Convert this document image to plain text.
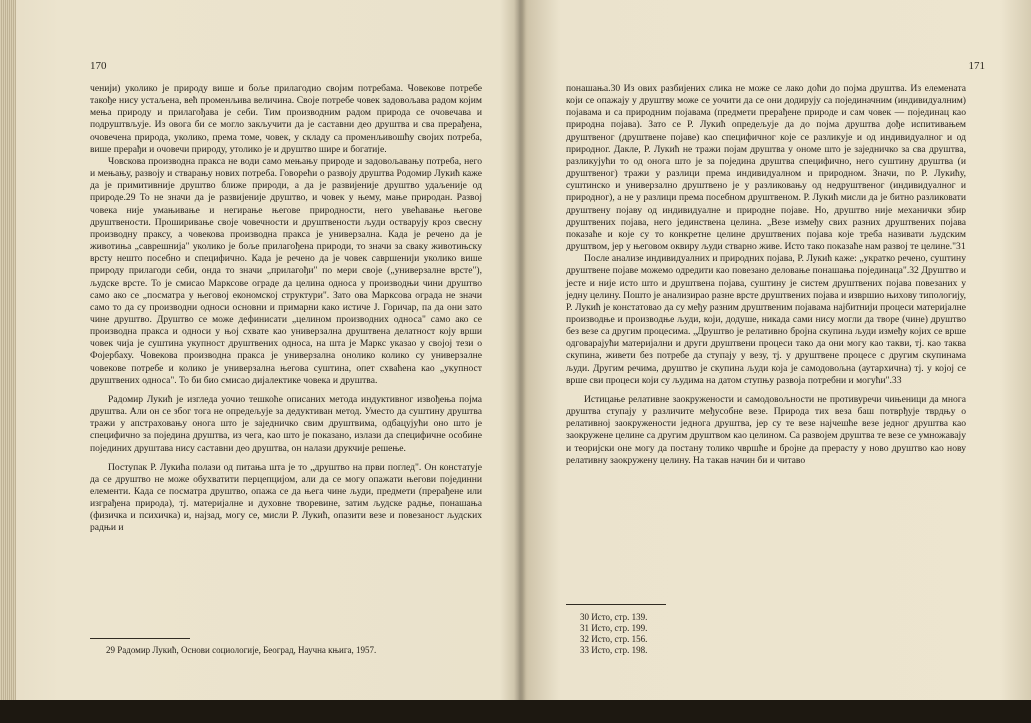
170

ченији) уколико је природу више и боље прилагодио својим потребама. Човекове потребе такође нису устаљена, већ променљива величина. Своје потребе човек задовољава радом којим мења природу и прилагођава је себи. Тим производним радом природа се очовечава и подруштвљује. Из овога би се могло закључити да је саставни део друштва и сва прерађена, очовечена природа, уколико, према томе, човек, у складу са променљивошћу својих потреба, више прерађи и очовечи природу, утолико је и друштво шире и богатије.

Човскова производна пракса не води само мењању природе и задовољавању потреба, него и мењању, развоју и стварању нових потреба. Говорећи о развоју друштва Родомир Лукић каже да је примитивније друштво ближе природи, а да је развијеније друштво удаљеније од природе.29 То не значи да је развијеније друштво, и човек у њему, мање природан. Развој човека није умањивање и негирање његове природности, него увећавање његове друштвености. Проширивање своје човечности и друштвености људи остварују кроз свесну производну праксу, а човекова производна пракса је универзална. Када је речено да је животиња „саврешнија" уколико је боље прилагођена природи, то значи за сваку животињску врсту нешто посебно и специфично. Када је речено да је човек савршенији уколико више природу прилагоди себи, онда то значи „прилагођи" по мери своје („универзалне врсте"), људске врсте. То је смисао Марксове ограде да целина односа у производњи чини друштво само ако се „посматра у његовој економској структури". Зато ова Марксова ограда не значи само то да су производни односи основни и примарни како истиче Ј. Горичар, па да они зато чине друштво. Друштво се може дефинисати „целином производних односа" само ако се производна пракса и односи у њој схвате као универзална друштвена делатност коју врши човек чија је суштина укупност друштвених односа, на шта је Маркс указао у својој тези о Фојербаху. Човекова производна пракса је универзална онолико колико су универзалне човекове потребе и колико је универзална његова суштина, опет схваћена као „укупност друштвених односа". То би био смисао дијалектике човека и друштва.

Радомир Лукић је изгледа уочио тешкоће описаних метода индуктивног извођења појма друштва. Али он се због тога не опредељује за дедуктиван метод. Уместо да суштину друштва тражи у апстраховању онога што је заједничко свим друштвима, одбацујући оно што је специфично за поједина друштва, из чега, као што је показано, излази да специфичне особине појединих друштава нису саставни део друштва, он налази друкчије решење.

Поступак Р. Лукића полази од питања шта је то „друштво на први поглед". Он констатује да се друштво не може обухватити перцепцијом, али да се могу опажати његови појединни елементи. Када се посматра друштво, опажа се да њега чине људи, предмети (прерађене или изграђена природа), тј. материјалне и духовне творевине, затим људске радње, понашања (физичка и психичка) и, најзад, могу се, мисли Р. Лукић, опазити везе и повезаност људских радњи и

29 Радомир Лукић, Основи социологије, Београд, Научна књига, 1957.
171

понашања.30 Из ових разбијених слика не може се лако доћи до појма друштва. Из елемената који се опажају у друштву може се уочити да се они додирују са појединачним (индивидуалним) појавама и са природним појавама (предмети прерађене природе и сам човек — појединац као природна појава). Зато се Р. Лукић опредељује да до појма друштва дође испитивањем друштвеног (друштвене појаве) као специфичног које се разликује и од индивидуалног и од природног. Дакле, Р. Лукић не тражи појам друштва у ономе што је заједничко за сва друштва, разликујући то од онога што је за поједина друштва специфично, него суштину друштва (и друштвеног) тражи у разлици према индивидуалном и природном. Значи, по Р. Лукићу, суштинско и универзално друштвено је у разликовању од недруштвеног (индивидуалног и природног), а не у разлици према посебном друштвеном. Р. Лукић мисли да је битно разликовати друштвену појаву од индивидуалне и природне појаве. Но, друштво није механички збир друштвених појава, него јединствена целина. „Везе између свих разних друштвених појава показаће и које су то конкретне целине друштвених појава које треба називати људским друштвом, јер у његовом оквиру људи стварно живе. Исто тако показаће нам развој те целине."31

После анализе индивидуалних и природних појава, Р. Лукић каже: „укратко речено, суштину друштвене појаве можемо одредити као повезано деловање понашања појединаца".32 Друштво и јесте и није исто што и друштвена појава, суштину је систем друштвених појава повезаних у једну целину. Пошто је анализирао разне врсте друштвених појава и извршио њихову типологију, Р. Лукић је констатовао да су међу разним друштвеним појавама најбитнији процеси материјалне производње и производње људи, који, додуше, никада сами нису могли да творе (чине) друштво без везе са другим процесима. „Друштво је релативно бројна скупина људи између којих се врше одговарајући материјални и други друштвени процеси тако да они могу као такви, тј. као таква скупина, живети без потребе да ступају у везу, тј. у друштвене процесе с другим скупинама људи. Другим речима, друштво је скупина људи која је самодовољна (аутархична) тј. у којој се врше сви процеси који су људима на датом ступњу развоја потребни и могући".33

Истицање релативне заокружености и самодовољности не противуречи чињеници да многа друштва ступају у различите међусобне везе. Природа тих веза баш потврђује тврдњу о релативној заокружености једнога друштва, јер су те везе најчешће везе једног друштва као заокружене целине са другим друштвом као целином. Са развојем друштва те везе се умножавају и теоријски оне могу да постану толико чвршће и бројне да прерасту у ново друштво као нову релативну заокружену целину. На такав начин би и читаво

30 Исто, стр. 139.
31 Исто, стр. 199.
32 Исто, стр. 156.
33 Исто, стр. 198.
